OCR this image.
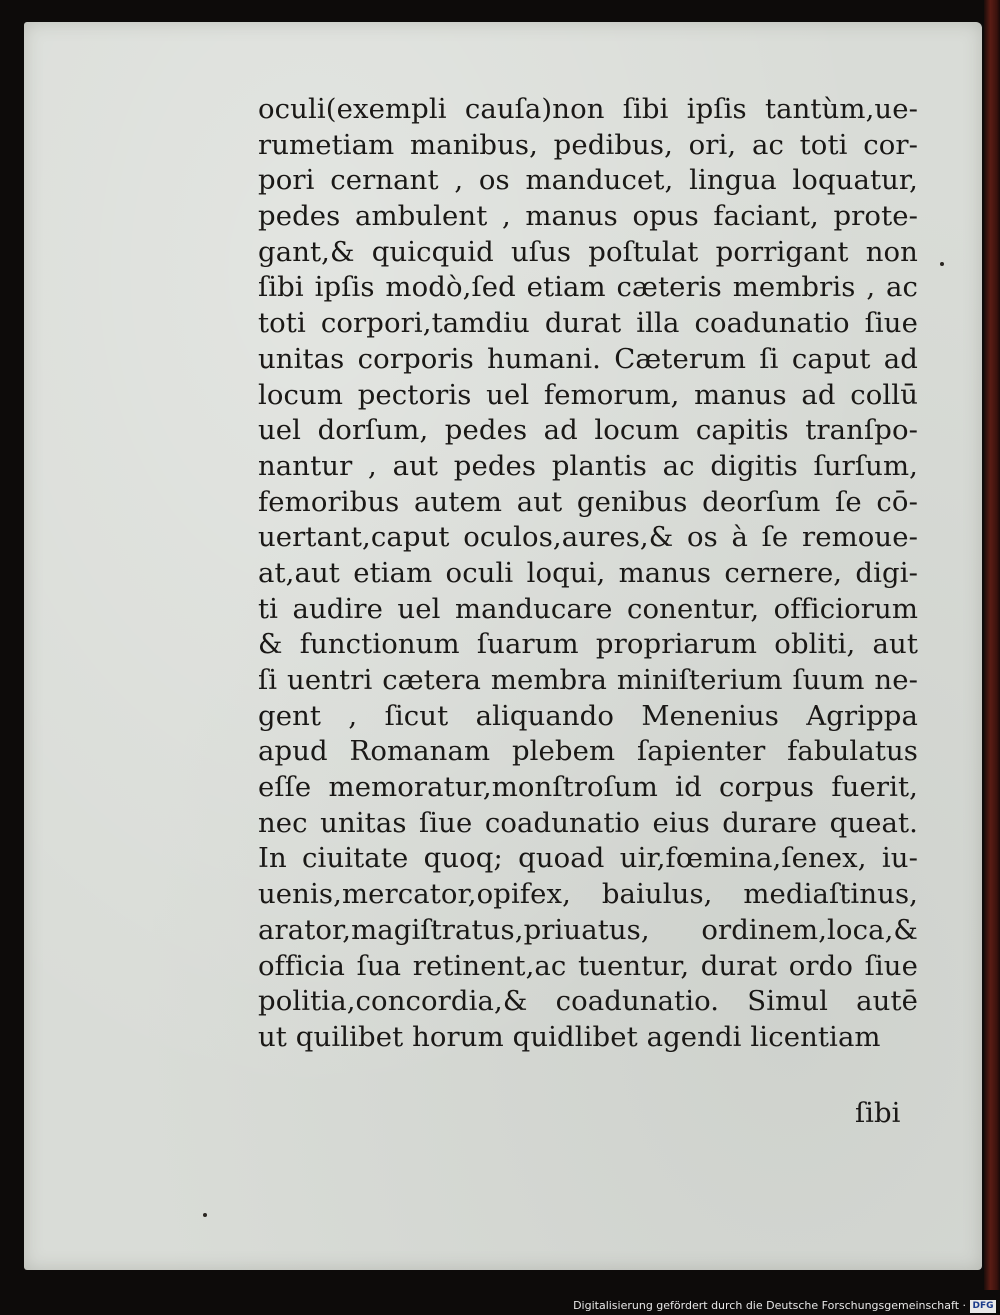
oculi(exempli cauſa)non ſibi ipſis tantùm,ue-
rumetiam manibus, pedibus, ori, ac toti cor-
pori cernant , os manducet, lingua loquatur,
pedes ambulent , manus opus faciant, prote-
gant,& quicquid uſus poſtulat porrigant non
ſibi ipſis modò,ſed etiam cæteris membris , ac
toti corpori,tamdiu durat illa coadunatio ſiue
unitas corporis humani. Cæterum ſi caput ad
locum pectoris uel femorum, manus ad collū
uel dorſum, pedes ad locum capitis tranſpo-
nantur , aut pedes plantis ac digitis ſurſum,
femoribus autem aut genibus deorſum ſe cō-
uertant,caput oculos,aures,& os à ſe remoue-
at,aut etiam oculi loqui, manus cernere, digi-
ti audire uel manducare conentur, officiorum
& functionum ſuarum propriarum obliti, aut
ſi uentri cætera membra miniſterium ſuum ne-
gent , ſicut aliquando Menenius Agrippa
apud Romanam plebem ſapienter fabulatus
eſſe memoratur,monſtroſum id corpus fuerit,
nec unitas ſiue coadunatio eius durare queat.
In ciuitate quoq; quoad uir,fœmina,ſenex, iu-
uenis,mercator,opifex, baiulus, mediaſtinus,
arator,magiſtratus,priuatus, ordinem,loca,&
officia ſua retinent,ac tuentur, durat ordo ſiue
politia,concordia,& coadunatio. Simul autē
ut quilibet horum quidlibet agendi licentiam
ſibi
Digitalisierung gefördert durch die Deutsche Forschungsgemeinschaft · DFG
